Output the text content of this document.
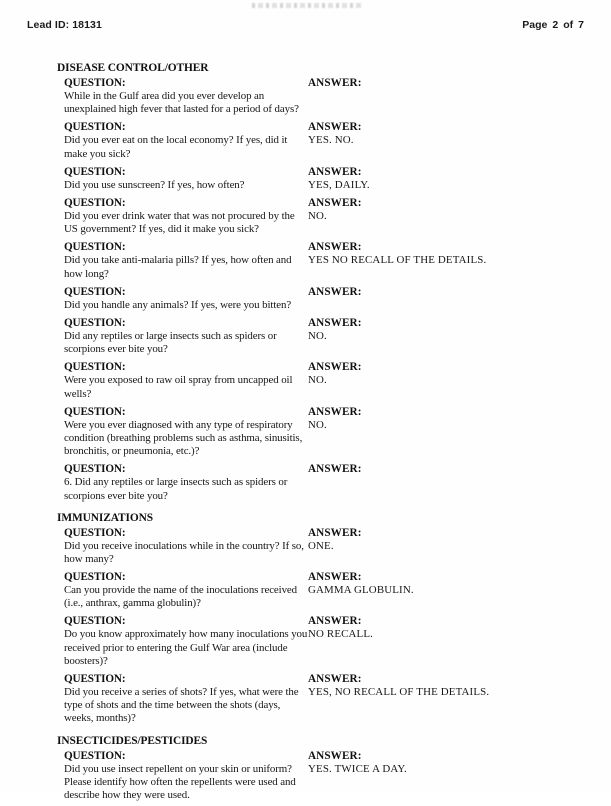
Lead ID: 18131	Page 2 of 7
DISEASE CONTROL/OTHER
QUESTION:
While in the Gulf area did you ever develop an unexplained high fever that lasted for a period of days?
ANSWER:
QUESTION:
Did you ever eat on the local economy? If yes, did it make you sick?
ANSWER:
YES. NO.
QUESTION:
Did you use sunscreen? If yes, how often?
ANSWER:
YES, DAILY.
QUESTION:
Did you ever drink water that was not procured by the US government? If yes, did it make you sick?
ANSWER:
NO.
QUESTION:
Did you take anti-malaria pills? If yes, how often and how long?
ANSWER:
YES NO RECALL OF THE DETAILS.
QUESTION:
Did you handle any animals? If yes, were you bitten?
ANSWER:
QUESTION:
Did any reptiles or large insects such as spiders or scorpions ever bite you?
ANSWER:
NO.
QUESTION:
Were you exposed to raw oil spray from uncapped oil wells?
ANSWER:
NO.
QUESTION:
Were you ever diagnosed with any type of respiratory condition (breathing problems such as asthma, sinusitis, bronchitis, or pneumonia, etc.)?
ANSWER:
NO.
QUESTION:
6. Did any reptiles or large insects such as spiders or scorpions ever bite you?
ANSWER:
IMMUNIZATIONS
QUESTION:
Did you receive inoculations while in the country? If so, how many?
ANSWER:
ONE.
QUESTION:
Can you provide the name of the inoculations received (i.e., anthrax, gamma globulin)?
ANSWER:
GAMMA GLOBULIN.
QUESTION:
Do you know approximately how many inoculations you received prior to entering the Gulf War area (include boosters)?
ANSWER:
NO RECALL.
QUESTION:
Did you receive a series of shots? If yes, what were the type of shots and the time between the shots (days, weeks, months)?
ANSWER:
YES, NO RECALL OF THE DETAILS.
INSECTICIDES/PESTICIDES
QUESTION:
Did you use insect repellent on your skin or uniform? Please identify how often the repellents were used and describe how they were used.
ANSWER:
YES. TWICE A DAY.
